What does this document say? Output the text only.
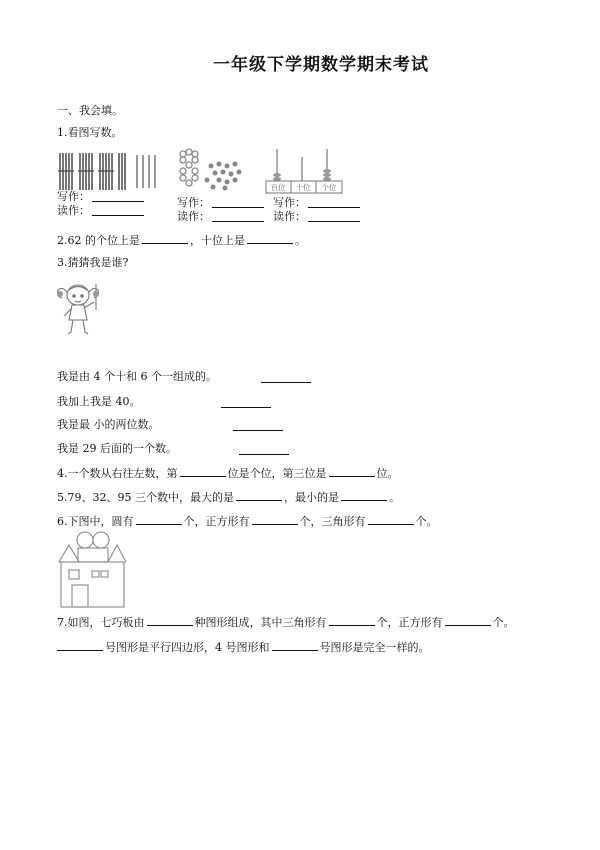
一年级下学期数学期末考试
一、我会填。
1.看图写数。
百位 十位 个位
写作：
读作：
写作：
读作：
写作：
读作：
2.62 的个位上是	，十位上是	。
3.猜猜我是谁?
我是由 4 个十和 6 个一组成的。
我加上我是 40。
我是最 小的两位数。
我是 29 后面的一个数。
4.一个数从右往左数，第	位是个位，第三位是	位。
5.79、32、95 三个数中，最大的是	，最小的是	。
6.下图中，圆有	个，正方形有	个，三角形有	个。
7.如图，七巧板由	种图形组成，其中三角形有	个，正方形有	个。
号图形是平行四边形，4 号图形和	号图形是完全一样的。
